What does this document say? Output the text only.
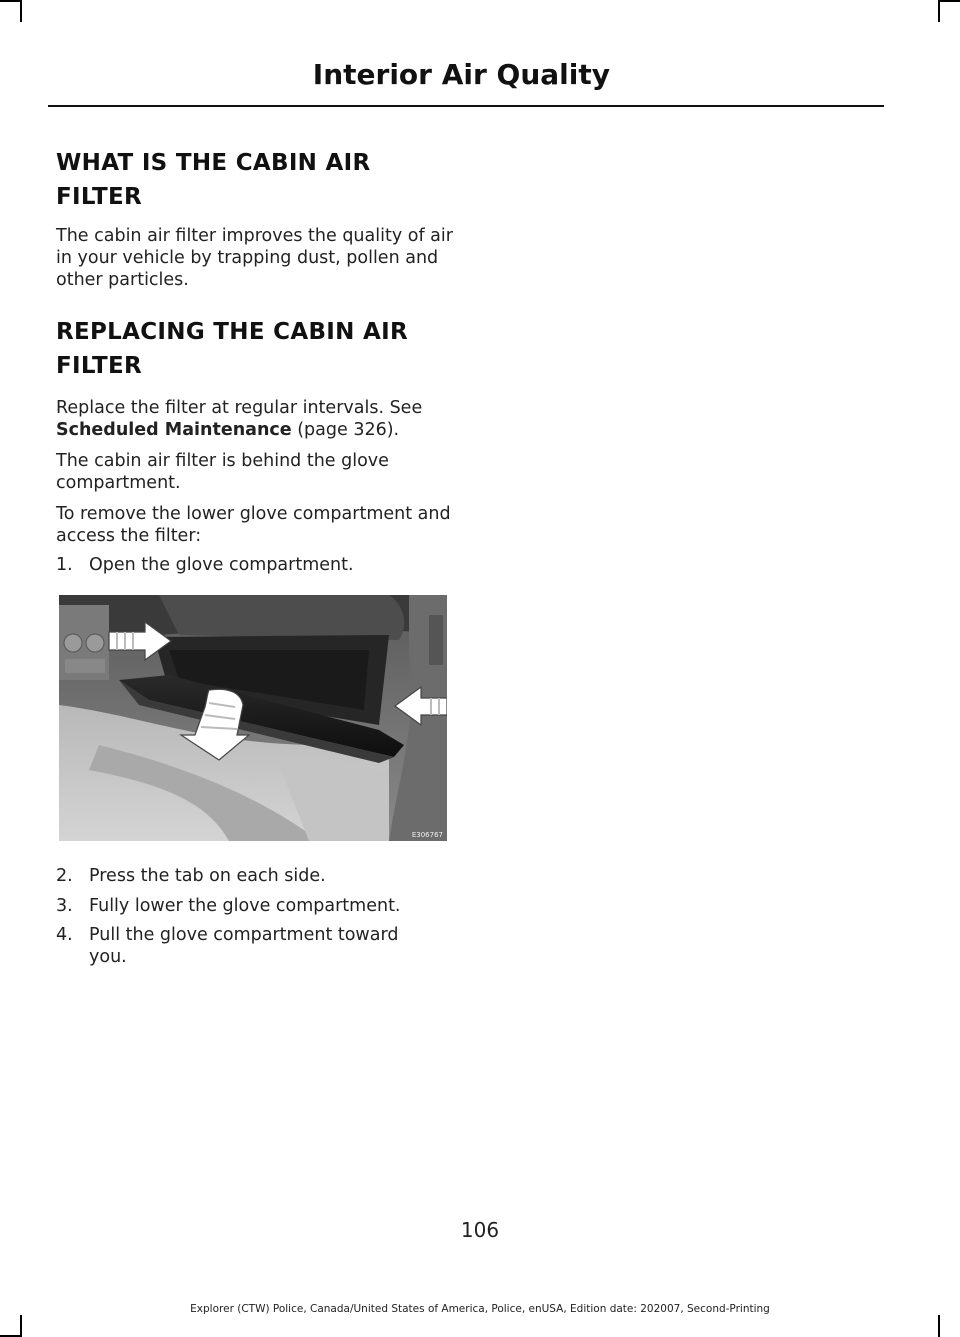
Interior Air Quality
WHAT IS THE CABIN AIR
FILTER

The cabin air filter improves the quality of air in your vehicle by trapping dust, pollen and other particles.

REPLACING THE CABIN AIR
FILTER

Replace the filter at regular intervals. See
Scheduled Maintenance (page 326).

The cabin air filter is behind the glove compartment.

To remove the lower glove compartment and access the filter:

1. Open the glove compartment.
E306767
2. Press the tab on each side.
3. Fully lower the glove compartment.
4. Pull the glove compartment toward you.
106
Explorer (CTW) Police, Canada/United States of America, Police, enUSA, Edition date: 202007, Second-Printing
